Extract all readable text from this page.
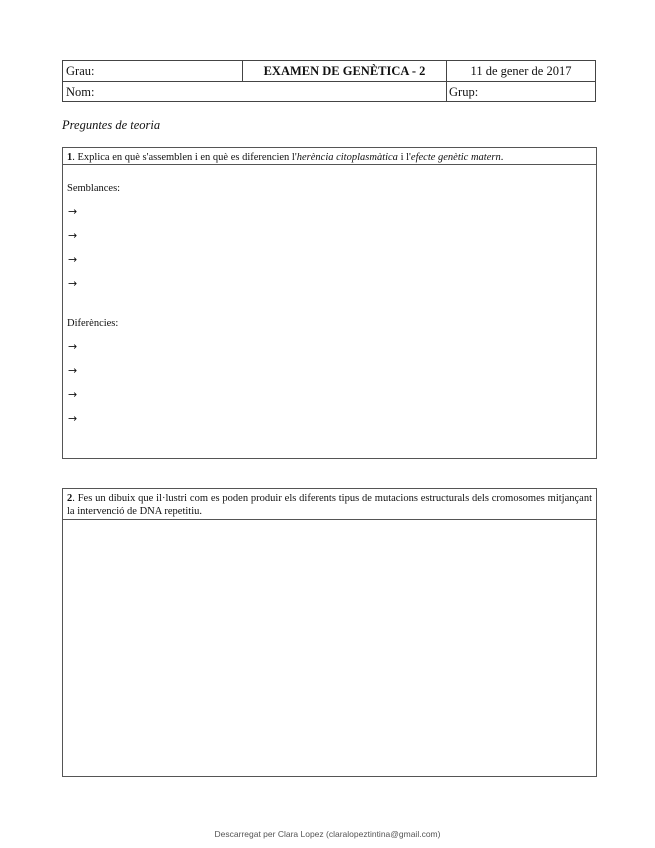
Grau:	EXAMEN DE GENÈTICA - 2	11 de gener de 2017
Nom:	Grup:
Preguntes de teoria
1. Explica en què s'assemblen i en què es diferencien l'herència citoplasmàtica i l'efecte genètic matern.
Semblances:
→
→
→
→
Diferències:
→
→
→
→
2. Fes un dibuix que il·lustri com es poden produir els diferents tipus de mutacions estructurals dels cromosomes mitjançant la intervenció de DNA repetitiu.
Descarregat per Clara Lopez (claralopeztintina@gmail.com)
